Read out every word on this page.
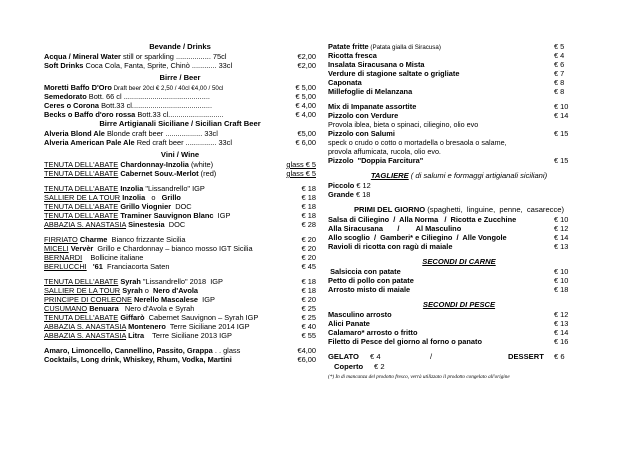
Bevande / Drinks
Acqua / Mineral Water still or sparkling ................. 75cl	€2,00
Soft Drinks Coca Cola, Fanta, Sprite, Chinò ............ 33cl	€2,00
Birre / Beer
Moretti Baffo D'Oro Draft beer 20cl € 2,50 / 40cl €4,00 / 50cl	€ 5,00
Semedorato Bott. 66 cl ..........................................	€ 5,00
Ceres o Corona Bott.33 cl.......................................	€ 4,00
Becks o Baffo d'oro rossa Bott.33 cl...........................	€ 4,00
Birre Artigianali Siciliane / Sicilian Craft Beer
Alveria Blond Ale Blonde craft beer .................. 33cl	€5,00
Alveria American Pale Ale Red craft beer ............... 33cl	€ 6,00
Vini / Wine
TENUTA DELL'ABATE Chardonnay-Inzolia (white)	glass € 5
TENUTA DELL'ABATE Cabernet Souv.-Merlot (red)	glass € 5
TENUTA DELL'ABATE Inzolia "Lissandrello" IGP	€ 18
SALLIER DE LA TOUR Inzolia   o   Grillo	€ 18
TENUTA DELL'ABATE Grillo Viognier  DOC	€ 18
TENUTA DELL'ABATE Traminer Sauvignon Blanc  IGP	€ 18
ABBAZIA S. ANASTASIA Sinestesia  DOC	€ 28
FIRRIATO Charme  Bianco frizzante Sicilia	€ 20
MICELI Vervèr  Grillo e Chardonnay – bianco mosso IGT Sicilia	€ 20
BERNARDI    Bollicine italiane	€ 20
BERLUCCHI '61  Franciacorta Saten	€ 45
TENUTA DELL'ABATE Syrah "Lissandrello" 2018  IGP	€ 18
SALLIER DE LA TOUR Syrah o  Nero d'Avola	€ 18
PRINCIPE DI CORLEONE Nerello Mascalese  IGP	€ 20
CUSUMANO Benuara   Nero d'Avola e Syrah	€ 25
TENUTA DELL'ABATE Giffarò  Cabernet Sauvignon – Syrah IGP	€ 25
ABBAZIA S. ANASTASIA Montenero  Terre Siciliane 2014 IGP	€ 40
ABBAZIA S. ANASTASIA Litra    Terre Siciliane 2013 IGP	€ 55
Amaro, Limoncello, Cannellino, Passito, Grappa . . glass	€4,00
Cocktails, Long drink, Whiskey, Rhum, Vodka, Martini	€6,00
Patate fritte (Patata gialla di Siracusa)	€ 5
Ricotta fresca	€ 4
Insalata Siracusana o Mista	€ 6
Verdure di stagione saltate o grigliate	€ 7
Caponata	€ 8
Millefoglie di Melanzana	€ 8
Mix di Impanate assortite	€ 10
Pizzolo con Verdure	€ 14
Provola iblea, bieta o spinaci, ciliegino, olio evo
Pizzolo con Salumi	€ 15
speck o crudo o cotto o mortadella o bresaola o salame,
provola affumicata, rucola, olio evo.
Pizzolo  "Doppia Farcitura"	€ 15
TAGLIERE ( di salumi e formaggi artigianali siciliani)
Piccolo € 12
Grande € 18
PRIMI DEL GIORNO (spaghetti,  linguine,  penne,  casarecce)
Salsa di Ciliegino  /  Alla Norma   /  Ricotta e Zucchine	€ 10
Alla Siracusana       /        Al Masculino	€ 12
Allo scoglio  /  Gamberi* e Ciliegino  /  Alle Vongole	€ 14
Ravioli di ricotta con ragù di maiale	€ 13
SECONDI DI CARNE
Salsiccia con patate	€ 10
Petto di pollo con patate	€ 10
Arrosto misto di maiale	€ 18
SECONDI DI PESCE
Masculino arrosto	€ 12
Alici Panate	€ 13
Calamaro* arrosto o fritto	€ 14
Filetto di Pesce del giorno al forno o panato	€ 16
GELATO € 4	/	DESSERT € 6
Coperto € 2
(*) In di mancanza del prodotto fresco, verrà utilizzato il prodotto congelato all'origine
